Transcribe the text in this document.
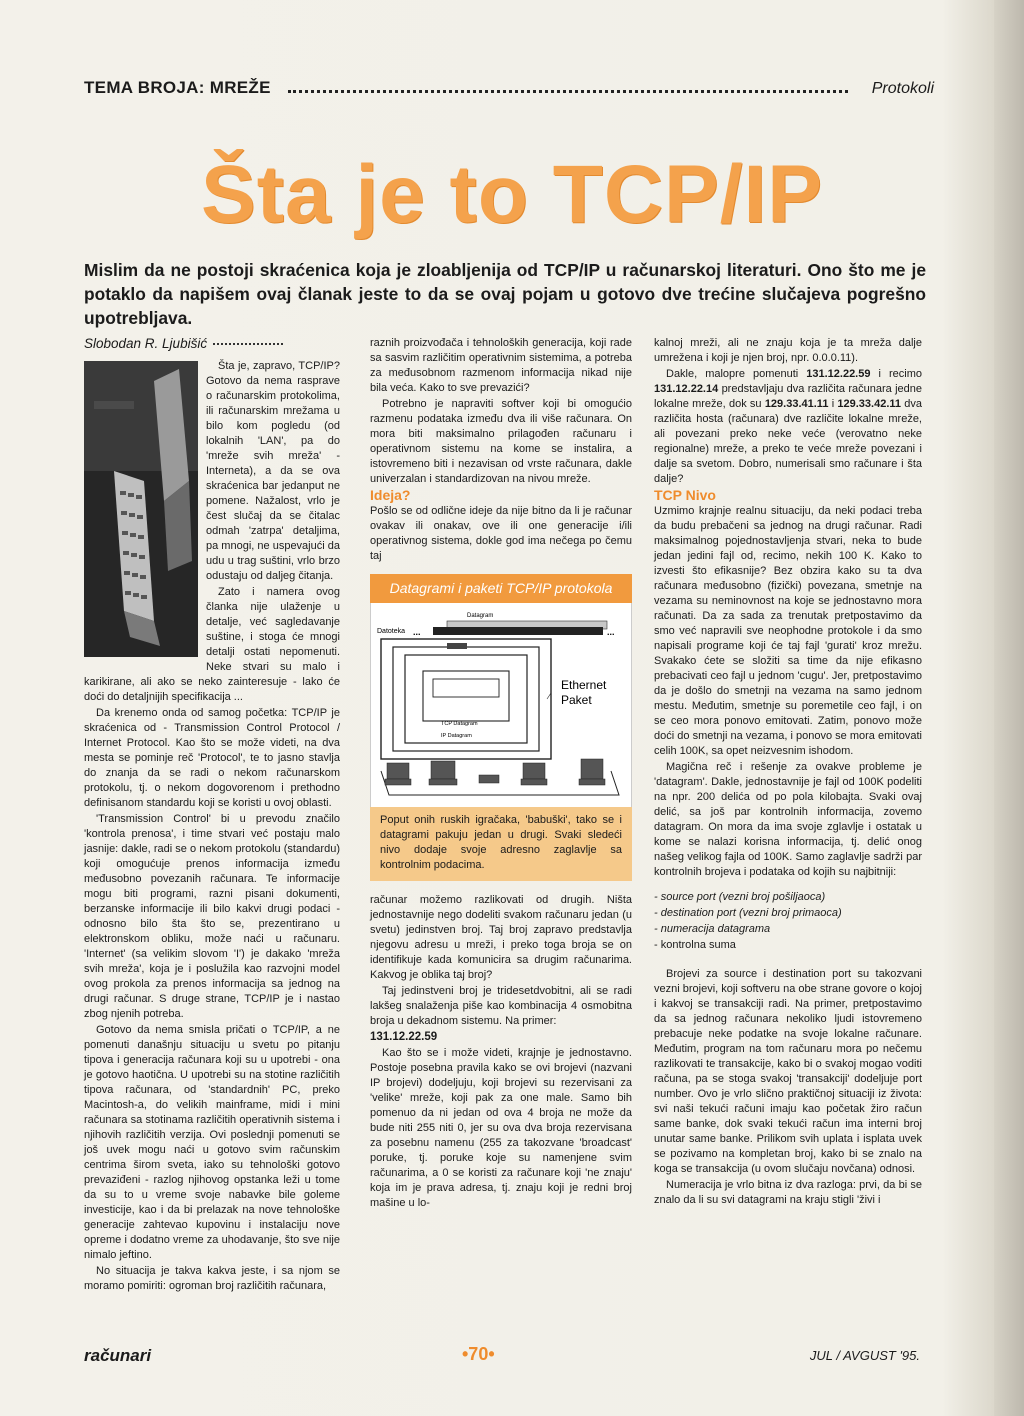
TEMA BROJA: MREŽE	Protokoli
Šta je to TCP/IP
Mislim da ne postoji skraćenica koja je zloabljenija od TCP/IP u računarskoj literaturi. Ono što me je potaklo da napišem ovaj članak jeste to da se ovaj pojam u gotovo dve trećine slučajeva pogrešno upotrebljava.
Slobodan R. Ljubišić

Šta je, zapravo, TCP/IP? Gotovo da nema rasprave o računarskim protokolima, ili računarskim mrežama u bilo kom pogledu (od lokalnih 'LAN', pa do 'mreže svih mreža' - Interneta), a da se ova skraćenica bar jedanput ne pomene. Nažalost, vrlo je čest slučaj da se čitalac odmah 'zatrpa' detaljima, pa mnogi, ne uspevajući da udu u trag suštini, vrlo brzo odustaju od daljeg čitanja.

Zato i namera ovog članka nije ulaženje u detalje, već sagledavanje suštine, i stoga će mnogi detalji ostati nepomenuti. Neke stvari su malo i karikirane, ali ako se neko zainteresuje - lako će doći do detaljnijih specifikacija ...

Da krenemo onda od samog početka: TCP/IP je skraćenica od - Transmission Control Protocol / Internet Protocol. Kao što se može videti, na dva mesta se pominje reč 'Protocol', te to jasno stavlja do znanja da se radi o nekom računarskom protokolu, tj. o nekom dogovorenom i prethodno definisanom standardu koji se koristi u ovoj oblasti.

'Transmission Control' bi u prevodu značilo 'kontrola prenosa', i time stvari već postaju malo jasnije: dakle, radi se o nekom protokolu (standardu) koji omogućuje prenos informacija između međusobno povezanih računara. Te informacije mogu biti programi, razni pisani dokumenti, berzanske informacije ili bilo kakvi drugi podaci - odnosno bilo šta što se, prezentirano u elektronskom obliku, može naći u računaru. 'Internet' (sa velikim slovom 'I') je dakako 'mreža svih mreža', koja je i poslužila kao razvojni model ovog prokola za prenos informacija sa jednog na drugi računar. S druge strane, TCP/IP je i nastao zbog njenih potreba.

Gotovo da nema smisla pričati o TCP/IP, a ne pomenuti današnju situaciju u svetu po pitanju tipova i generacija računara koji su u upotrebi - ona je gotovo haotična. U upotrebi su na stotine različitih tipova računara, od 'standardnih' PC, preko Macintosh-a, do velikih mainframe, midi i mini računara sa stotinama različitih operativnih sistema i njihovih različitih verzija. Ovi poslednji pomenuti se još uvek mogu naći u gotovo svim računskim centrima širom sveta, iako su tehnološki gotovo prevaziđeni - razlog njihovog opstanka leži u tome da su to u vreme svoje nabavke bile goleme investicije, kao i da bi prelazak na nove tehnološke generacije zahtevao kupovinu i instalaciju nove opreme i dodatno vreme za uhodavanje, što sve nije nimalo jeftino.

No situacija je takva kakva jeste, i sa njom se moramo pomiriti: ogroman broj različitih računara,

raznih proizvođača i tehnoloških generacija, koji rade sa sasvim različitim operativnim sistemima, a potreba za međusobnom razmenom informacija nikad nije bila veća. Kako to sve prevazići?

Potrebno je napraviti softver koji bi omogućio razmenu podataka između dva ili više računara. On mora biti maksimalno prilagođen računaru i operativnom sistemu na kome se instalira, a istovremeno biti i nezavisan od vrste računara, dakle univerzalan i standardizovan na nivou mreže.

Ideja?

Pošlo se od odlične ideje da nije bitno da li je računar ovakav ili onakav, ove ili one generacije i/ili operativnog sistema, dokle god ima nečega po čemu taj

Datagrami i paketi TCP/IP protokola
Datagram
Datoteka	...
...
TCP Datagram
IP Datagram
Ethernet
Paket
Poput onih ruskih igračaka, 'babuški', tako se i datagrami pakuju jedan u drugi. Svaki sledeći nivo dodaje svoje adresno zaglavlje sa kontrolnim podacima.

računar možemo razlikovati od drugih. Ništa jednostavnije nego dodeliti svakom računaru jedan (u svetu) jedinstven broj. Taj broj zapravo predstavlja njegovu adresu u mreži, i preko toga broja se on identifikuje kada komunicira sa drugim računarima. Kakvog je oblika taj broj?

Taj jedinstveni broj je tridesetdvobitni, ali se radi lakšeg snalaženja piše kao kombinacija 4 osmobitna broja u dekadnom sistemu. Na primer:

131.12.22.59

Kao što se i može videti, krajnje je jednostavno. Postoje posebna pravila kako se ovi brojevi (nazvani IP brojevi) dodeljuju, koji brojevi su rezervisani za 'velike' mreže, koji pak za one male. Samo bih pomenuo da ni jedan od ova 4 broja ne može da bude niti 255 niti 0, jer su ova dva broja rezervisana za posebnu namenu (255 za takozvane 'broadcast' poruke, tj. poruke koje su namenjene svim računarima, a 0 se koristi za računare koji 'ne znaju' koja im je prava adresa, tj. znaju koji je redni broj mašine u lo-

kalnoj mreži, ali ne znaju koja je ta mreža dalje umrežena i koji je njen broj, npr. 0.0.0.11).

Dakle, malopre pomenuti 131.12.22.59 i recimo 131.12.22.14 predstavljaju dva različita računara jedne lokalne mreže, dok su 129.33.41.11 i 129.33.42.11 dva različita hosta (računara) dve različite lokalne mreže, ali povezani preko neke veće (verovatno neke regionalne) mreže, a preko te veće mreže povezani i dalje sa svetom. Dobro, numerisali smo računare i šta dalje?

TCP Nivo

Uzmimo krajnje realnu situaciju, da neki podaci treba da budu prebačeni sa jednog na drugi računar. Radi maksimalnog pojednostavljenja stvari, neka to bude jedan jedini fajl od, recimo, nekih 100 K. Kako to izvesti što efikasnije? Bez obzira kako su ta dva računara međusobno (fizički) povezana, smetnje na vezama su neminovnost na koje se jednostavno mora računati. Da za sada za trenutak pretpostavimo da smo već napravili sve neophodne protokole i da smo napisali programe koji će taj fajl 'gurati' kroz mrežu. Svakako ćete se složiti sa time da nije efikasno prebacivati ceo fajl u jednom 'cugu'. Jer, pretpostavimo da je došlo do smetnji na vezama na samo jednom mestu. Međutim, smetnje su poremetile ceo fajl, i on se ceo mora ponovo emitovati. Zatim, ponovo može doći do smetnji na vezama, i ponovo se mora emitovati celih 100K, sa opet neizvesnim ishodom.

Magična reč i rešenje za ovakve probleme je 'datagram'. Dakle, jednostavnije je fajl od 100K podeliti na npr. 200 delića od po pola kilobajta. Svaki ovaj delić, sa još par kontrolnih informacija, zovemo datagram. On mora da ima svoje zglavlje i ostatak u kome se nalazi korisna informacija, tj. delić onog našeg velikog fajla od 100K. Samo zaglavlje sadrži par kontrolnih brojeva i podataka od kojih su najbitniji:

- source port (vezni broj pošiljaoca)

- destination port (vezni broj primaoca)

- numeracija datagrama

- kontrolna suma

Brojevi za source i destination port su takozvani vezni brojevi, koji softveru na obe strane govore o kojoj i kakvoj se transakciji radi. Na primer, pretpostavimo da sa jednog računara nekoliko ljudi istovremeno prebacuje neke podatke na svoje lokalne računare. Međutim, program na tom računaru mora po nečemu razlikovati te transakcije, kako bi o svakoj mogao voditi računa, pa se stoga svakoj 'transakciji' dodeljuje port number. Ovo je vrlo slično praktičnoj situaciji iz života: svi naši tekući računi imaju kao početak žiro račun same banke, dok svaki tekući račun ima interni broj unutar same banke. Prilikom svih uplata i isplata uvek se pozivamo na kompletan broj, kako bi se znalo na koga se transakcija (u ovom slučaju novčana) odnosi.

Numeracija je vrlo bitna iz dva razloga: prvi, da bi se znalo da li su svi datagrami na kraju stigli 'živi i

računari	•70•	JUL / AVGUST '95.
